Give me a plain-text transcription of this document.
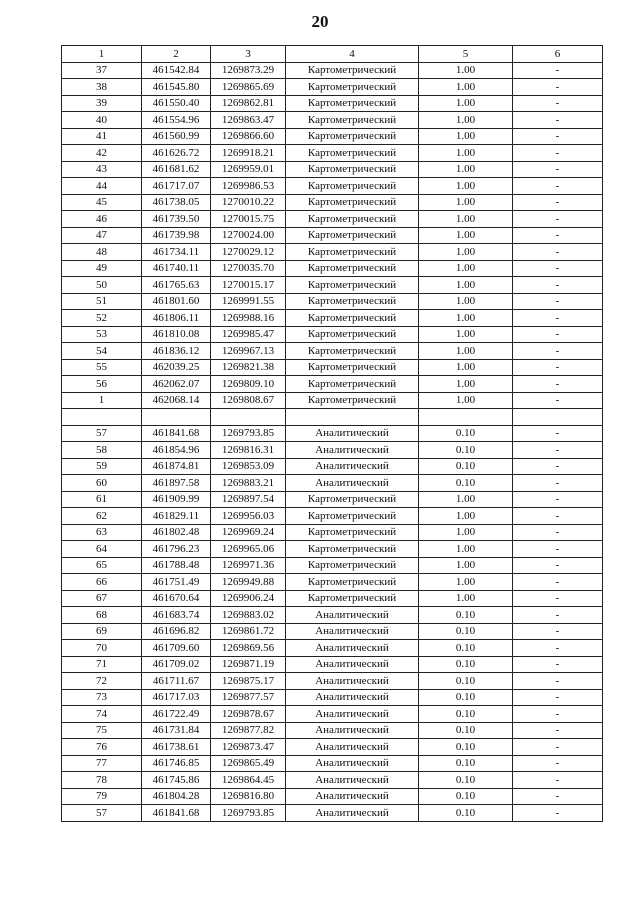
20
1	2	3	4	5	6
37	461542.84	1269873.29	Картометрический	1.00	-
38	461545.80	1269865.69	Картометрический	1.00	-
39	461550.40	1269862.81	Картометрический	1.00	-
40	461554.96	1269863.47	Картометрический	1.00	-
41	461560.99	1269866.60	Картометрический	1.00	-
42	461626.72	1269918.21	Картометрический	1.00	-
43	461681.62	1269959.01	Картометрический	1.00	-
44	461717.07	1269986.53	Картометрический	1.00	-
45	461738.05	1270010.22	Картометрический	1.00	-
46	461739.50	1270015.75	Картометрический	1.00	-
47	461739.98	1270024.00	Картометрический	1.00	-
48	461734.11	1270029.12	Картометрический	1.00	-
49	461740.11	1270035.70	Картометрический	1.00	-
50	461765.63	1270015.17	Картометрический	1.00	-
51	461801.60	1269991.55	Картометрический	1.00	-
52	461806.11	1269988.16	Картометрический	1.00	-
53	461810.08	1269985.47	Картометрический	1.00	-
54	461836.12	1269967.13	Картометрический	1.00	-
55	462039.25	1269821.38	Картометрический	1.00	-
56	462062.07	1269809.10	Картометрический	1.00	-
1	462068.14	1269808.67	Картометрический	1.00	-

57	461841.68	1269793.85	Аналитический	0.10	-
58	461854.96	1269816.31	Аналитический	0.10	-
59	461874.81	1269853.09	Аналитический	0.10	-
60	461897.58	1269883.21	Аналитический	0.10	-
61	461909.99	1269897.54	Картометрический	1.00	-
62	461829.11	1269956.03	Картометрический	1.00	-
63	461802.48	1269969.24	Картометрический	1.00	-
64	461796.23	1269965.06	Картометрический	1.00	-
65	461788.48	1269971.36	Картометрический	1.00	-
66	461751.49	1269949.88	Картометрический	1.00	-
67	461670.64	1269906.24	Картометрический	1.00	-
68	461683.74	1269883.02	Аналитический	0.10	-
69	461696.82	1269861.72	Аналитический	0.10	-
70	461709.60	1269869.56	Аналитический	0.10	-
71	461709.02	1269871.19	Аналитический	0.10	-
72	461711.67	1269875.17	Аналитический	0.10	-
73	461717.03	1269877.57	Аналитический	0.10	-
74	461722.49	1269878.67	Аналитический	0.10	-
75	461731.84	1269877.82	Аналитический	0.10	-
76	461738.61	1269873.47	Аналитический	0.10	-
77	461746.85	1269865.49	Аналитический	0.10	-
78	461745.86	1269864.45	Аналитический	0.10	-
79	461804.28	1269816.80	Аналитический	0.10	-
57	461841.68	1269793.85	Аналитический	0.10	-
